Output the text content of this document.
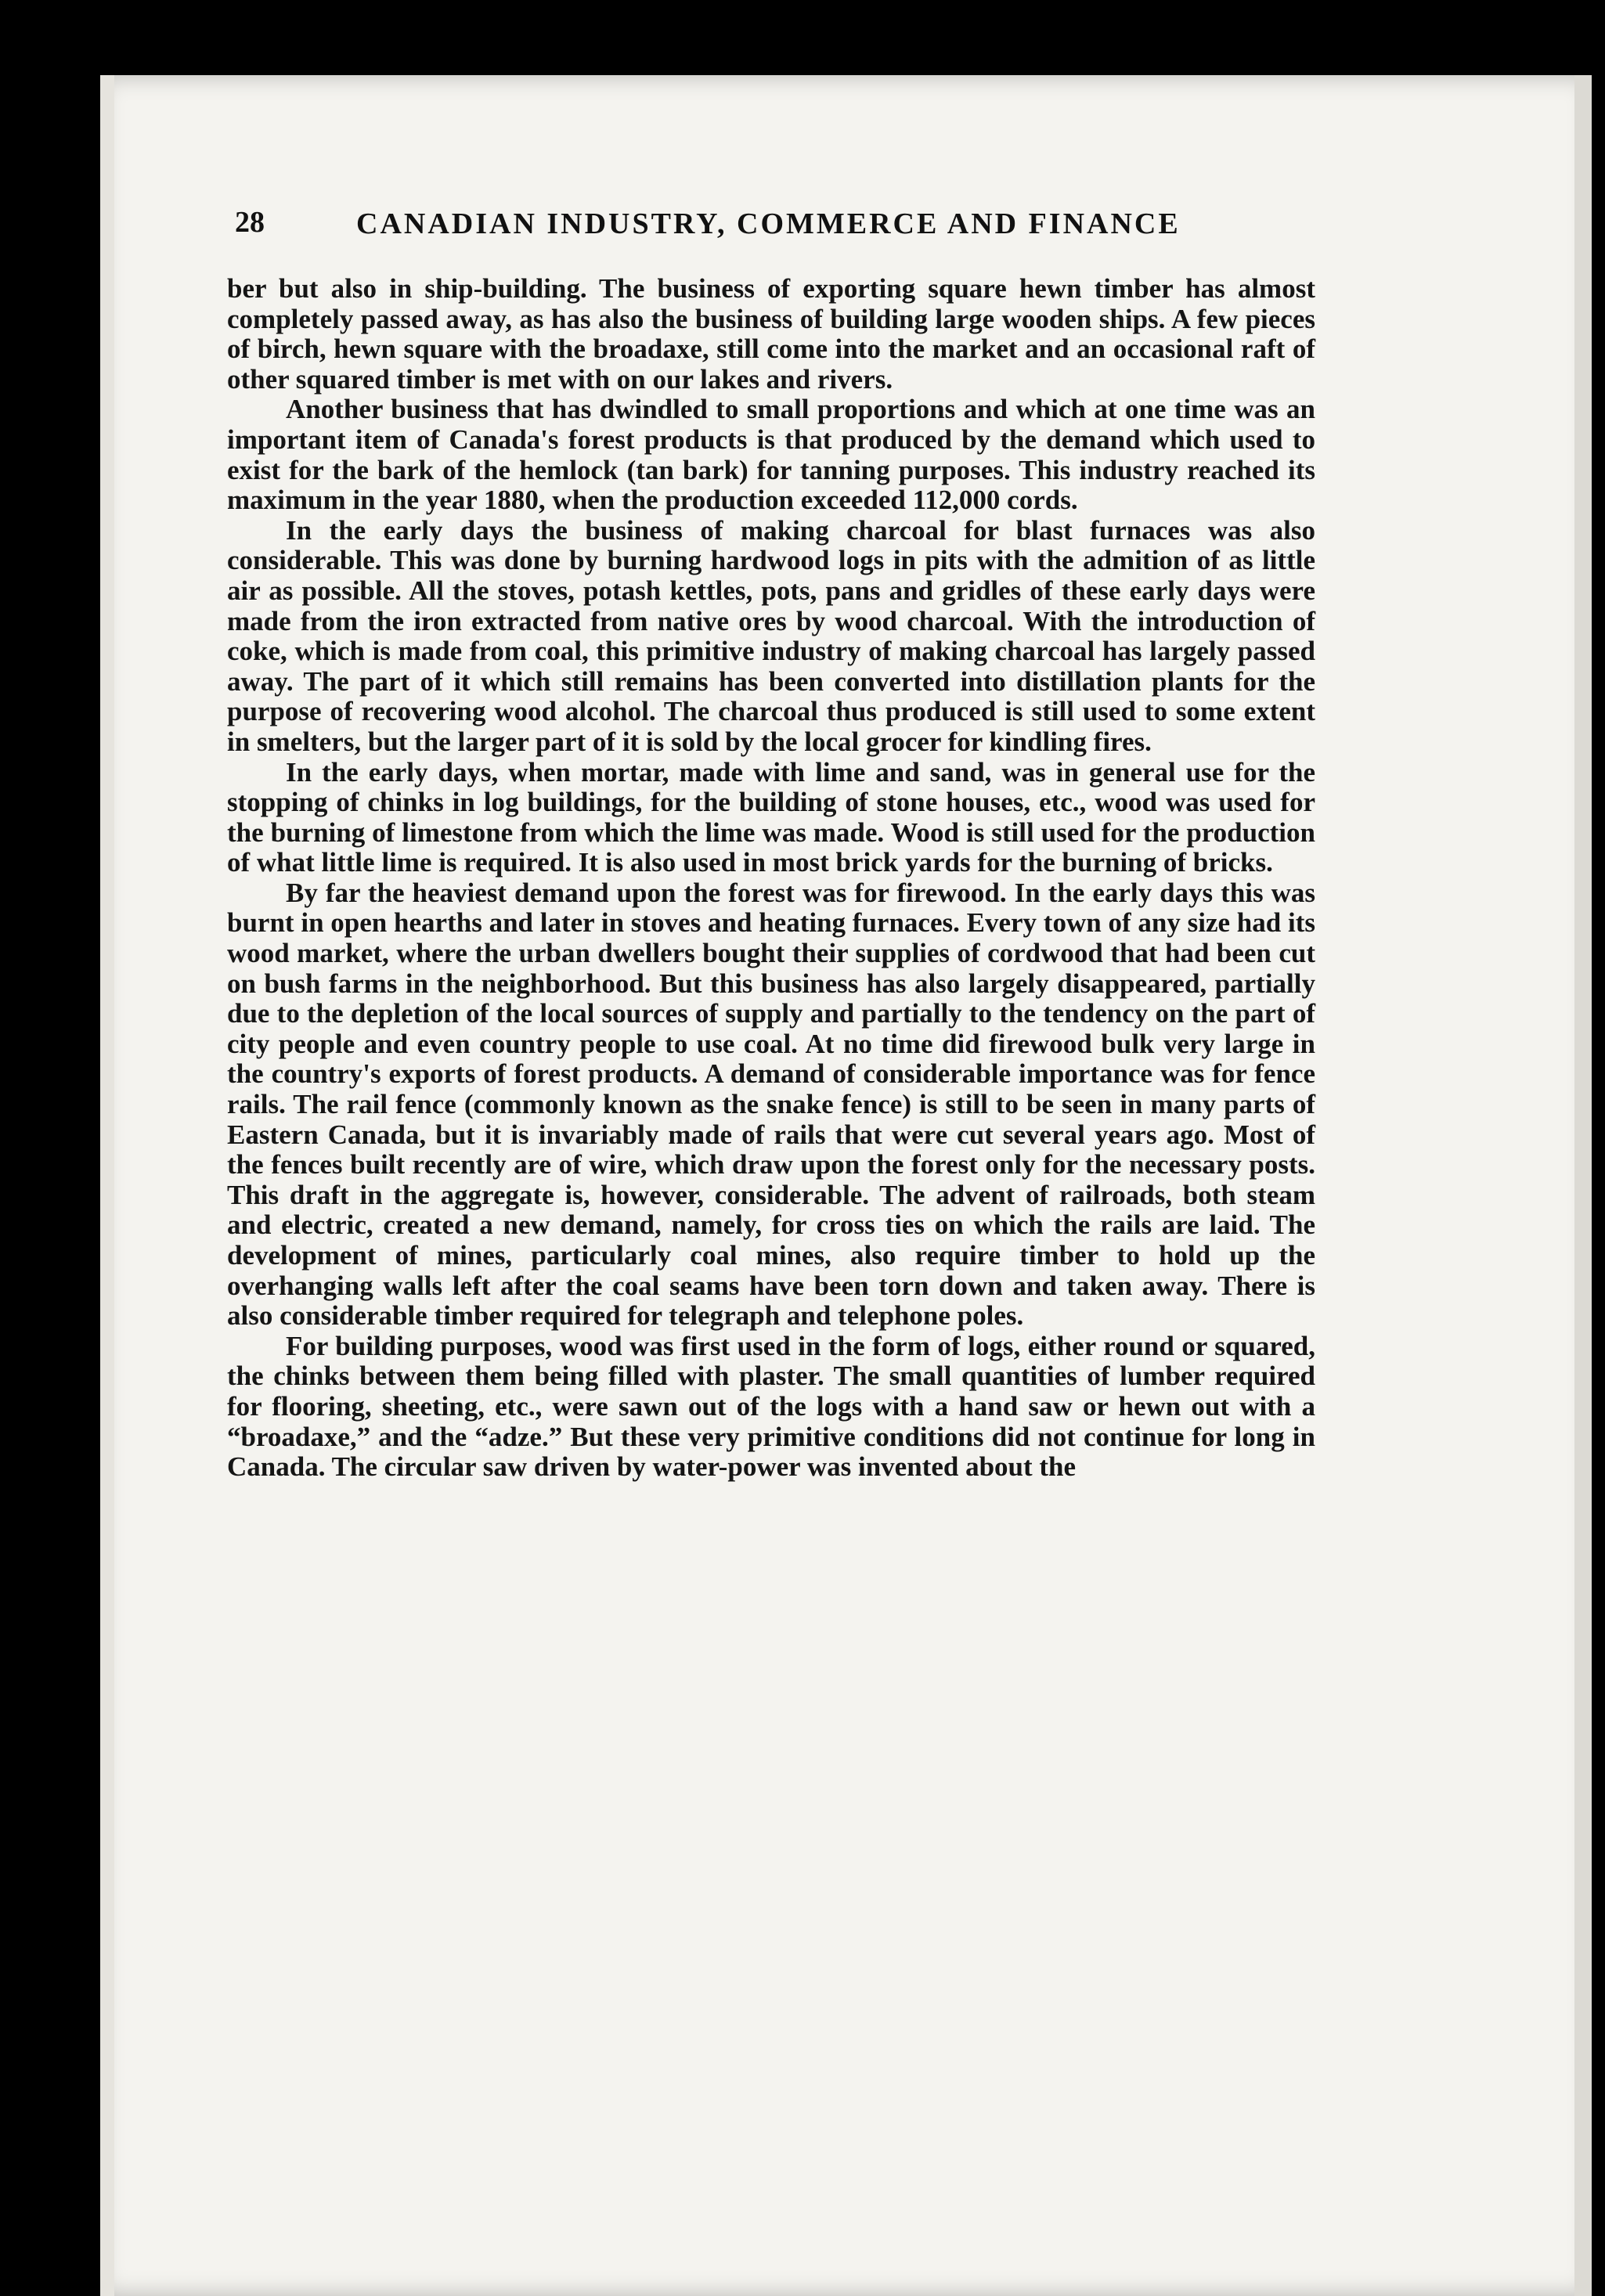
28	CANADIAN INDUSTRY, COMMERCE AND FINANCE

ber but also in ship-building. The business of exporting square hewn timber has almost completely passed away, as has also the business of building large wooden ships. A few pieces of birch, hewn square with the broadaxe, still come into the market and an occasional raft of other squared timber is met with on our lakes and rivers.

Another business that has dwindled to small proportions and which at one time was an important item of Canada's forest products is that produced by the demand which used to exist for the bark of the hemlock (tan bark) for tanning purposes. This industry reached its maximum in the year 1880, when the production exceeded 112,000 cords.

In the early days the business of making charcoal for blast furnaces was also considerable. This was done by burning hardwood logs in pits with the admition of as little air as possible. All the stoves, potash kettles, pots, pans and gridles of these early days were made from the iron extracted from native ores by wood charcoal. With the introduction of coke, which is made from coal, this primitive industry of making charcoal has largely passed away. The part of it which still remains has been converted into distillation plants for the purpose of recovering wood alcohol. The charcoal thus produced is still used to some extent in smelters, but the larger part of it is sold by the local grocer for kindling fires.

In the early days, when mortar, made with lime and sand, was in general use for the stopping of chinks in log buildings, for the building of stone houses, etc., wood was used for the burning of limestone from which the lime was made. Wood is still used for the production of what little lime is required. It is also used in most brick yards for the burning of bricks.

By far the heaviest demand upon the forest was for firewood. In the early days this was burnt in open hearths and later in stoves and heating furnaces. Every town of any size had its wood market, where the urban dwellers bought their supplies of cordwood that had been cut on bush farms in the neighborhood. But this business has also largely disappeared, partially due to the depletion of the local sources of supply and partially to the tendency on the part of city people and even country people to use coal. At no time did firewood bulk very large in the country's exports of forest products. A demand of considerable importance was for fence rails. The rail fence (commonly known as the snake fence) is still to be seen in many parts of Eastern Canada, but it is invariably made of rails that were cut several years ago. Most of the fences built recently are of wire, which draw upon the forest only for the necessary posts. This draft in the aggregate is, however, considerable. The advent of railroads, both steam and electric, created a new demand, namely, for cross ties on which the rails are laid. The development of mines, particularly coal mines, also require timber to hold up the overhanging walls left after the coal seams have been torn down and taken away. There is also considerable timber required for telegraph and telephone poles.

For building purposes, wood was first used in the form of logs, either round or squared, the chinks between them being filled with plaster. The small quantities of lumber required for flooring, sheeting, etc., were sawn out of the logs with a hand saw or hewn out with a “broadaxe,” and the “adze.” But these very primitive conditions did not continue for long in Canada. The circular saw driven by water-power was invented about the
